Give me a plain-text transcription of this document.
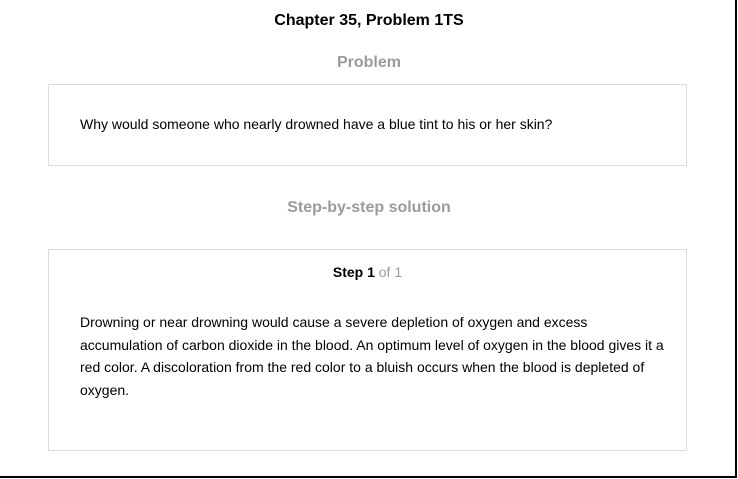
Chapter 35, Problem 1TS
Problem
Why would someone who nearly drowned have a blue tint to his or her skin?
Step-by-step solution
Step 1 of 1
Drowning or near drowning would cause a severe depletion of oxygen and excess accumulation of carbon dioxide in the blood. An optimum level of oxygen in the blood gives it a red color. A discoloration from the red color to a bluish occurs when the blood is depleted of oxygen.
